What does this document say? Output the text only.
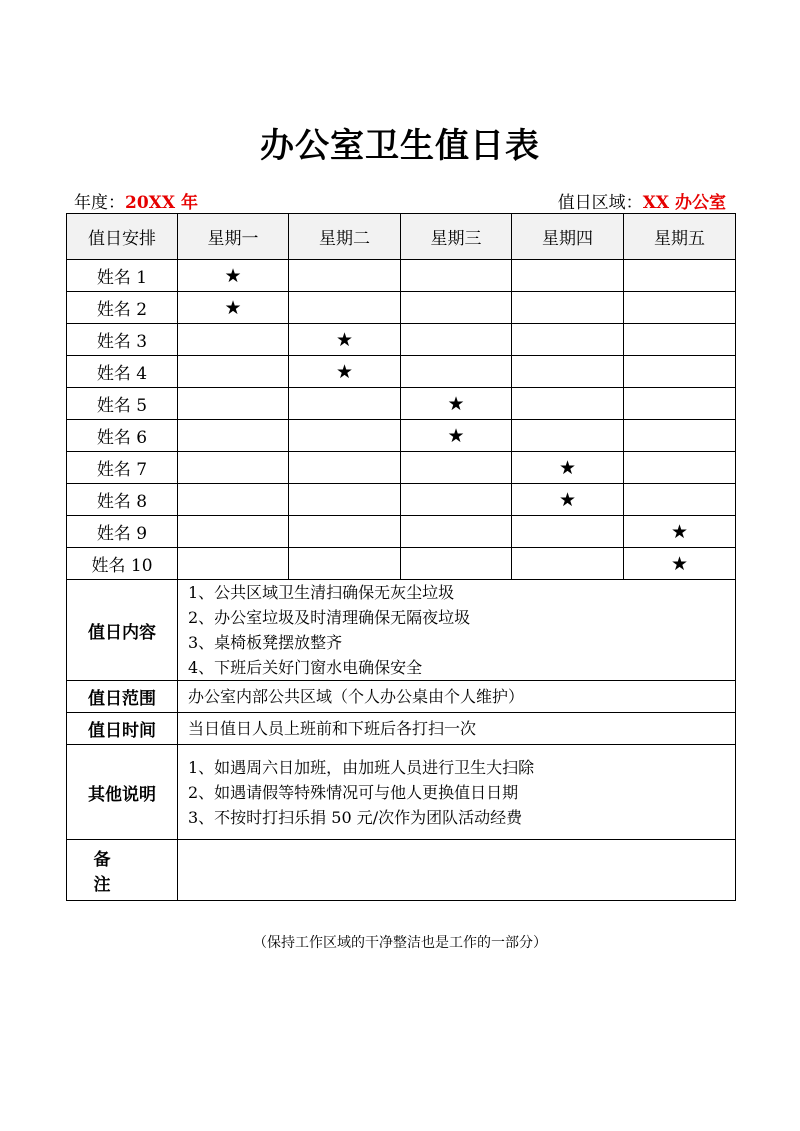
办公室卫生值日表
年度：20XX 年	值日区域：XX 办公室
值日安排	星期一	星期二	星期三	星期四	星期五
姓名 1	★				
姓名 2	★				
姓名 3		★			
姓名 4		★			
姓名 5			★		
姓名 6			★		
姓名 7				★	
姓名 8				★	
姓名 9					★
姓名 10					★
值日内容	1、公共区域卫生清扫确保无灰尘垃圾
2、办公室垃圾及时清理确保无隔夜垃圾
3、桌椅板凳摆放整齐
4、下班后关好门窗水电确保安全				

值日范围	办公室内部公共区域（个人办公桌由个人维护）				
值日时间	当日值日人员上班前和下班后各打扫一次				
其他说明	1、如遇周六日加班，由加班人员进行卫生大扫除
2、如遇请假等特殊情况可与他人更换值日日期
3、不按时打扫乐捐 50 元/次作为团队活动经费				

备注					
（保持工作区域的干净整洁也是工作的一部分）
